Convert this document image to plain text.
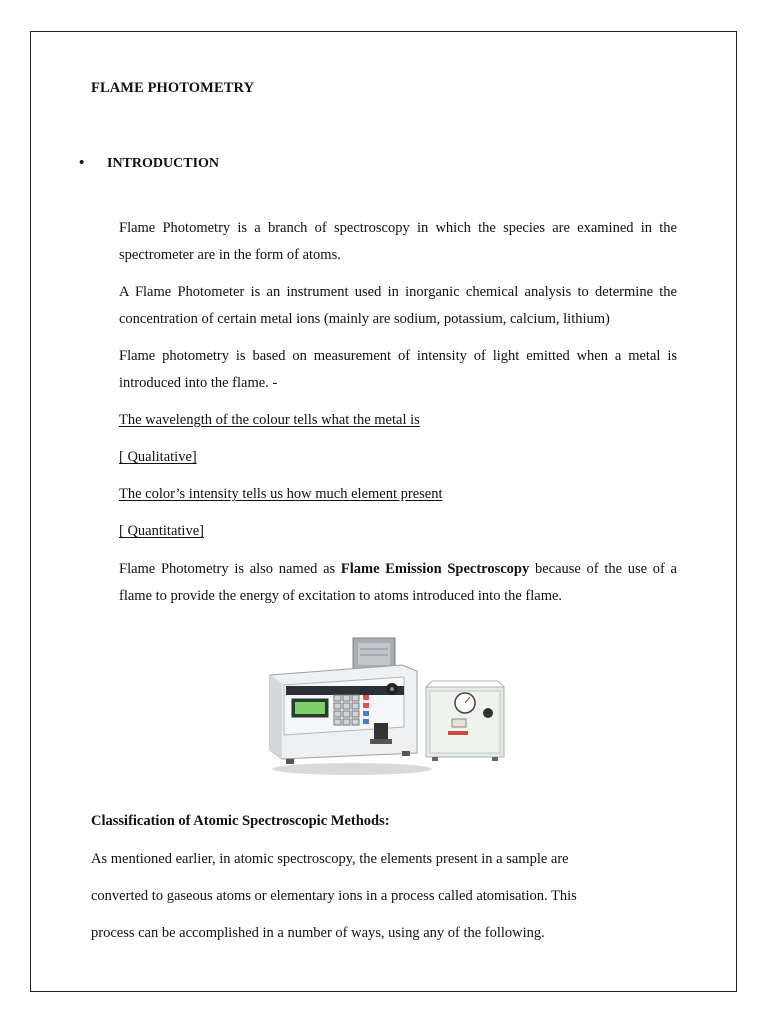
FLAME PHOTOMETRY
• INTRODUCTION
Flame Photometry is a branch of spectroscopy in which the species are examined in the spectrometer are in the form of atoms.
A Flame Photometer is an instrument used in inorganic chemical analysis to determine the concentration of certain metal ions (mainly are sodium, potassium, calcium, lithium)
Flame photometry is based on measurement of intensity of light emitted when a metal is introduced into the flame. -
The wavelength of the colour tells what the metal is
[ Qualitative]
The color’s intensity tells us how much element present
[ Quantitative]
Flame Photometry is also named as Flame Emission Spectroscopy because of the use of a flame to provide the energy of excitation to atoms introduced into the flame.
Classification of Atomic Spectroscopic Methods:
As mentioned earlier, in atomic spectroscopy, the elements present in a sample are
converted to gaseous atoms or elementary ions in a process called atomisation. This
process can be accomplished in a number of ways, using any of the following.
